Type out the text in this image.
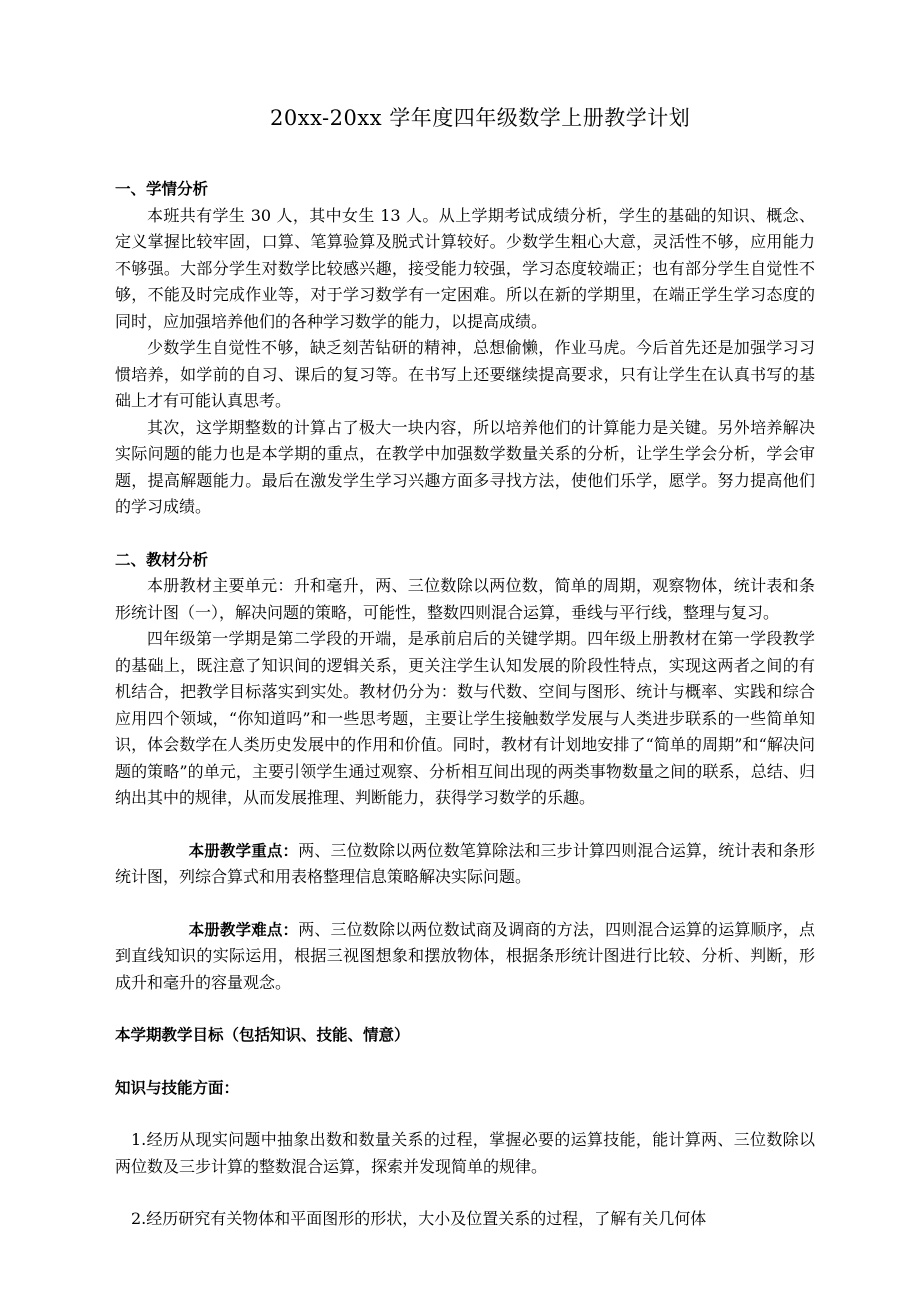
20xx-20xx 学年度四年级数学上册教学计划

一、学情分析

本班共有学生 30 人，其中女生 13 人。从上学期考试成绩分析，学生的基础的知识、概念、定义掌握比较牢固，口算、笔算验算及脱式计算较好。少数学生粗心大意，灵活性不够，应用能力不够强。大部分学生对数学比较感兴趣，接受能力较强，学习态度较端正；也有部分学生自觉性不够，不能及时完成作业等，对于学习数学有一定困难。所以在新的学期里，在端正学生学习态度的同时，应加强培养他们的各种学习数学的能力，以提高成绩。

少数学生自觉性不够，缺乏刻苦钻研的精神，总想偷懒，作业马虎。今后首先还是加强学习习惯培养，如学前的自习、课后的复习等。在书写上还要继续提高要求，只有让学生在认真书写的基础上才有可能认真思考。

其次，这学期整数的计算占了极大一块内容，所以培养他们的计算能力是关键。另外培养解决实际问题的能力也是本学期的重点，在教学中加强数学数量关系的分析，让学生学会分析，学会审题，提高解题能力。最后在激发学生学习兴趣方面多寻找方法，使他们乐学，愿学。努力提高他们的学习成绩。

二、教材分析

本册教材主要单元：升和毫升，两、三位数除以两位数，简单的周期，观察物体，统计表和条形统计图（一），解决问题的策略，可能性，整数四则混合运算，垂线与平行线，整理与复习。

四年级第一学期是第二学段的开端，是承前启后的关键学期。四年级上册教材在第一学段教学的基础上，既注意了知识间的逻辑关系，更关注学生认知发展的阶段性特点，实现这两者之间的有机结合，把教学目标落实到实处。教材仍分为：数与代数、空间与图形、统计与概率、实践和综合应用四个领域，“你知道吗”和一些思考题，主要让学生接触数学发展与人类进步联系的一些简单知识，体会数学在人类历史发展中的作用和价值。同时，教材有计划地安排了“简单的周期”和“解决问题的策略”的单元，主要引领学生通过观察、分析相互间出现的两类事物数量之间的联系，总结、归纳出其中的规律，从而发展推理、判断能力，获得学习数学的乐趣。

本册教学重点：两、三位数除以两位数笔算除法和三步计算四则混合运算，统计表和条形统计图，列综合算式和用表格整理信息策略解决实际问题。

本册教学难点：两、三位数除以两位数试商及调商的方法，四则混合运算的运算顺序，点到直线知识的实际运用，根据三视图想象和摆放物体，根据条形统计图进行比较、分析、判断，形成升和毫升的容量观念。

本学期教学目标（包括知识、技能、情意）

知识与技能方面：

1.经历从现实问题中抽象出数和数量关系的过程，掌握必要的运算技能，能计算两、三位数除以两位数及三步计算的整数混合运算，探索并发现简单的规律。

2.经历研究有关物体和平面图形的形状，大小及位置关系的过程，了解有关几何体
